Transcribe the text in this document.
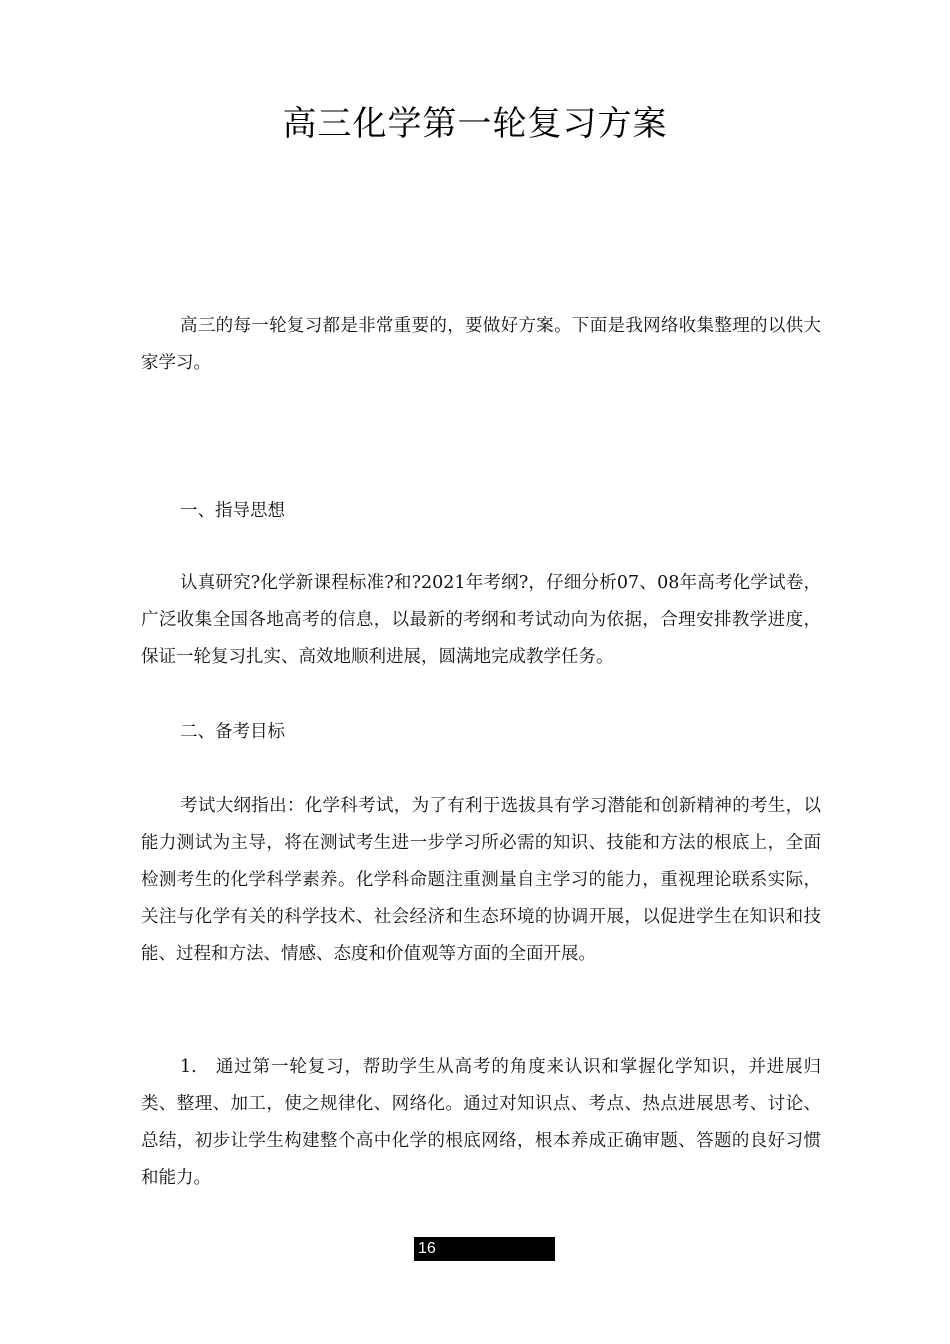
高三化学第一轮复习方案

高三的每一轮复习都是非常重要的，要做好方案。下面是我网络收集整理的以供大家学习。

一、指导思想

认真研究?化学新课程标准?和?2021年考纲?，仔细分析07、08年高考化学试卷，广泛收集全国各地高考的信息，以最新的考纲和考试动向为依据，合理安排教学进度，保证一轮复习扎实、高效地顺利进展，圆满地完成教学任务。

二、备考目标

考试大纲指出：化学科考试，为了有利于选拔具有学习潜能和创新精神的考生，以能力测试为主导，将在测试考生进一步学习所必需的知识、技能和方法的根底上，全面检测考生的化学科学素养。化学科命题注重测量自主学习的能力，重视理论联系实际，关注与化学有关的科学技术、社会经济和生态环境的协调开展，以促进学生在知识和技能、过程和方法、情感、态度和价值观等方面的全面开展。

1.　通过第一轮复习，帮助学生从高考的角度来认识和掌握化学知识，并进展归类、整理、加工，使之规律化、网络化。通过对知识点、考点、热点进展思考、讨论、总结，初步让学生构建整个高中化学的根底网络，根本养成正确审题、答题的良好习惯和能力。

16
